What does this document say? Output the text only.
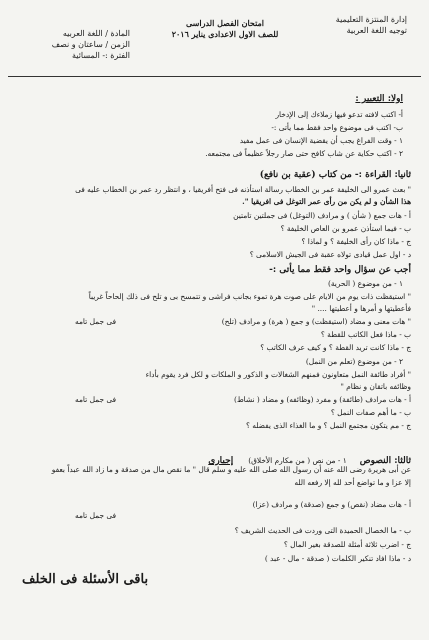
إدارة المنتزة التعليمية
توجيه اللغة العربية
امتحان الفصل الدراسى
للصف الاول الاعدادى يناير ٢٠١٦
المادة / اللغة العربيه
الزمن / ساعتان و نصف
الفترة :- المسائية
اولا: التعبير :
أ- اكتب لافته تدعو فيها زملاءك إلى الإدخار
ب- اكتب فى موضوع واحد فقط مما يأتى :-
١ - وقت الفراغ يجب أن يقضية الإنسان فى عمل مفيد
٢ - اكتب حكاية عن شاب كافح حتى صار رجلاً عظيماً فى مجتمعه.
ثانيا: القراءة :- من كتاب (عقبة بن نافع)
" بعث عمرو الى الخليفة عمر بن الخطاب رسالة استأذنه فى فتح أفريقيا ، و انتظر رد عمر بن الخطاب عليه فى
هذا الشأن و لم يكن من رأى عمر التوغل فى افريقيا ".
أ - هات جمع ( شأن ) و مرادف (التوغل) فى جملتين تامتين
ب - فيما استأذن عمرو بن العاص الخليفة ؟
ج - ماذا كان رأى الخليفة ؟ و لماذا ؟
د - اول عمل قيادى تولاه عقبة فى الجيش الاسلامى ؟
أجب عن سؤال واحد فقط مما يأتى :-
١ - من موضوع ( الحرية)
" استيقظت ذات يوم من الايام على صوت هرة تموء بجانب فراشى و تتمسح بى و تلح فى ذلك إلحاحاً غريباً
فأعطيتها و أمرها و أعطيتها .... "
" هات معنى و مضاد (استيقظت) و جمع ( هرة) و مرادف (تلح)
فى جمل تامه
ب - ماذا فعل الكاتب للقطة ؟
ج - ماذا كانت تريد القطة ؟ و كيف عرف الكاتب ؟
٢ - من موضوع (تعلم من النمل)
" أفراد طائفة النمل متعاونون فمنهم الشغالات و الذكور و الملكات و لكل فرد يقوم بأداء
وظائفه باتقان و نظام "
أ - هات مرادف (طائفة) و مفرد (وظائفه) و مضاد ( نشاط)
فى جمل تامه
ب - ما أهم صفات النمل ؟
ج - مم يتكون مجتمع النمل ؟ و ما الغذاء الذى يفضله ؟
ثالثا: النصوص ١ - من نص ( من مكارم الأخلاق) إجبارى
عن أبى هريرة رضى الله عنه أن رسول الله صلى الله عليه و سلم قال " ما نقص مال من صدقة و ما زاد الله عبداً بعفو
إلا عزا و ما تواضع أحد لله إلا رفعه الله
أ - هات مضاد (نقص) و جمع (صدقة) و مرادف (عزا)
فى جمل تامه
ب - ما الخصال الحميدة التى وردت فى الحديث الشريف ؟
ج - اضرب ثلاثة أمثلة للصدقة بغير المال ؟
د - ماذا افاد تنكير الكلمات ( صدقة - مال - عبد )
باقى الأسئلة فى الخلف
